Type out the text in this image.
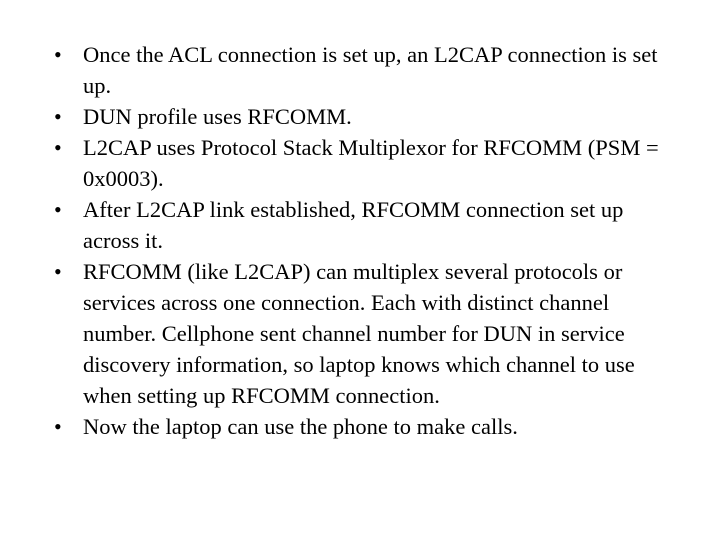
• Once the ACL connection is set up, an L2CAP connection is set up.
• DUN profile uses RFCOMM.
• L2CAP uses Protocol Stack Multiplexor for RFCOMM (PSM = 0x0003).
• After L2CAP link established, RFCOMM connection set up across it.
• RFCOMM (like L2CAP) can multiplex several protocols or services across one connection. Each with distinct channel number. Cellphone sent channel number for DUN in service discovery information, so laptop knows which channel to use when setting up RFCOMM connection.
• Now the laptop can use the phone to make calls.
